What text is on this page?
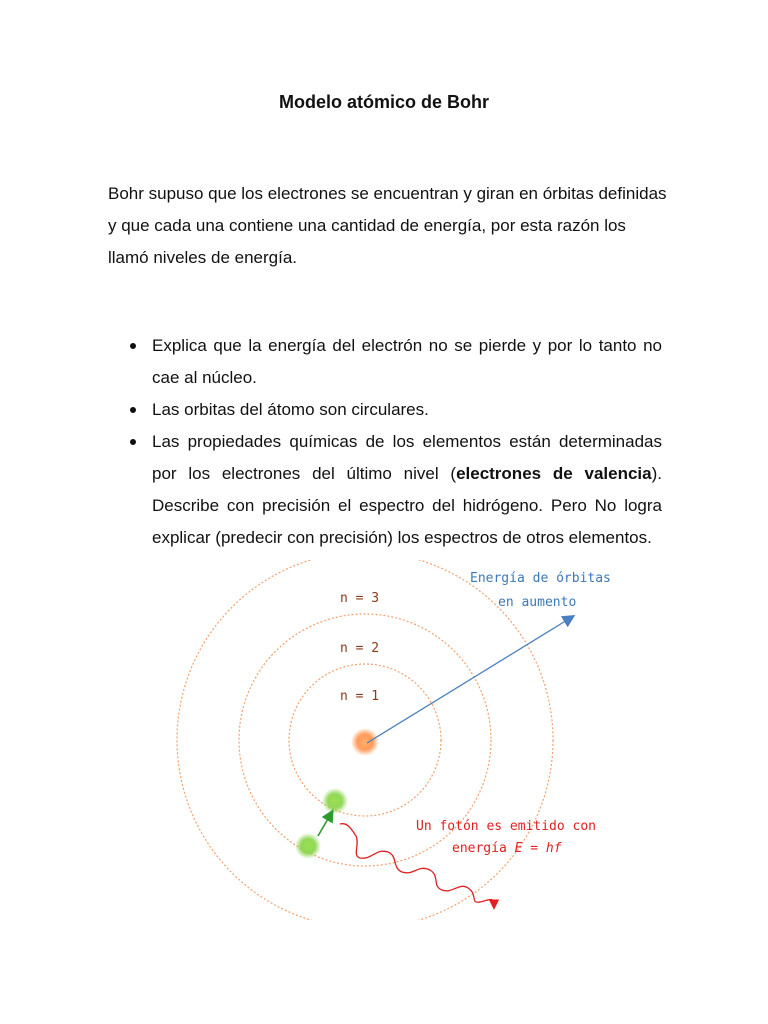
Modelo atómico de Bohr
Bohr supuso que los electrones se encuentran y giran en órbitas definidas y que cada una contiene una cantidad de energía, por esta razón los llamó niveles de energía.
Explica que la energía del electrón no se pierde y por lo tanto no cae al núcleo.
Las orbitas del átomo son circulares.
Las propiedades químicas de los elementos están determinadas por los electrones del último nivel (electrones de valencia). Describe con precisión el espectro del hidrógeno. Pero No logra explicar (predecir con precisión) los espectros de otros elementos.
n = 3
n = 2
n = 1
Energía de órbitas
en aumento
Un fotón es emitido con
energía E = hf
